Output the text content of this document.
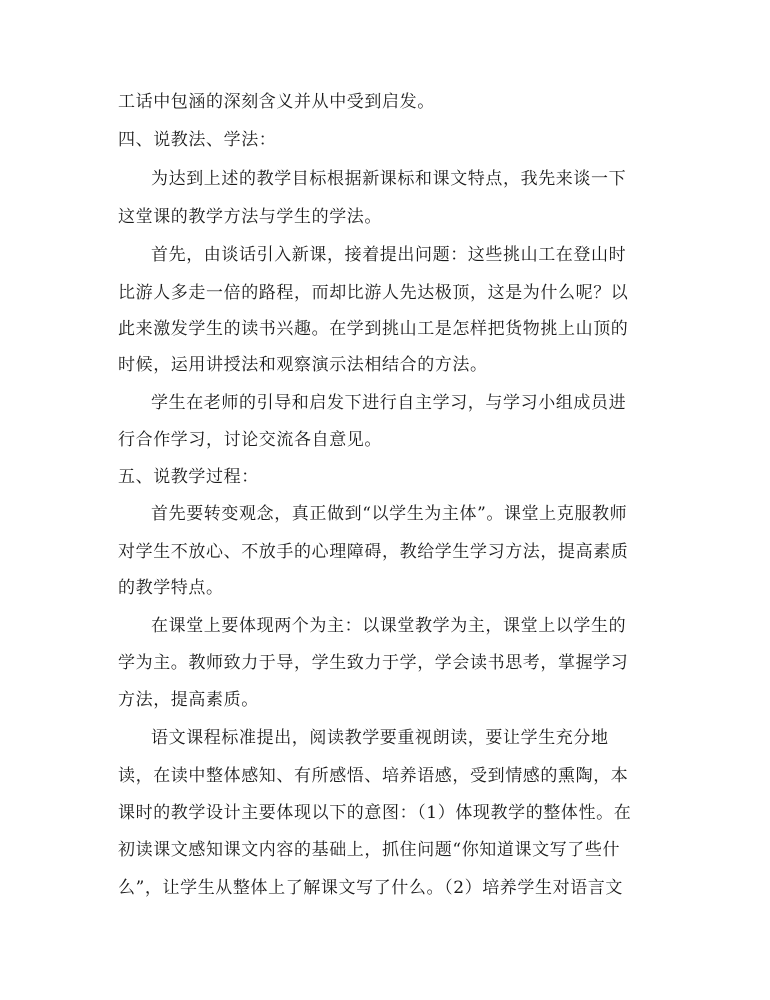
工话中包涵的深刻含义并从中受到启发。
四、说教法、学法：
为达到上述的教学目标根据新课标和课文特点，我先来谈一下
这堂课的教学方法与学生的学法。
首先，由谈话引入新课，接着提出问题：这些挑山工在登山时
比游人多走一倍的路程，而却比游人先达极顶，这是为什么呢？以
此来激发学生的读书兴趣。在学到挑山工是怎样把货物挑上山顶的
时候，运用讲授法和观察演示法相结合的方法。
学生在老师的引导和启发下进行自主学习，与学习小组成员进
行合作学习，讨论交流各自意见。
五、说教学过程：
首先要转变观念，真正做到“以学生为主体”。课堂上克服教师
对学生不放心、不放手的心理障碍，教给学生学习方法，提高素质
的教学特点。
在课堂上要体现两个为主：以课堂教学为主，课堂上以学生的
学为主。教师致力于导，学生致力于学，学会读书思考，掌握学习
方法，提高素质。
语文课程标准提出，阅读教学要重视朗读，要让学生充分地
读，在读中整体感知、有所感悟、培养语感，受到情感的熏陶，本
课时的教学设计主要体现以下的意图：（1）体现教学的整体性。在
初读课文感知课文内容的基础上，抓住问题“你知道课文写了些什
么”，让学生从整体上了解课文写了什么。（2）培养学生对语言文
